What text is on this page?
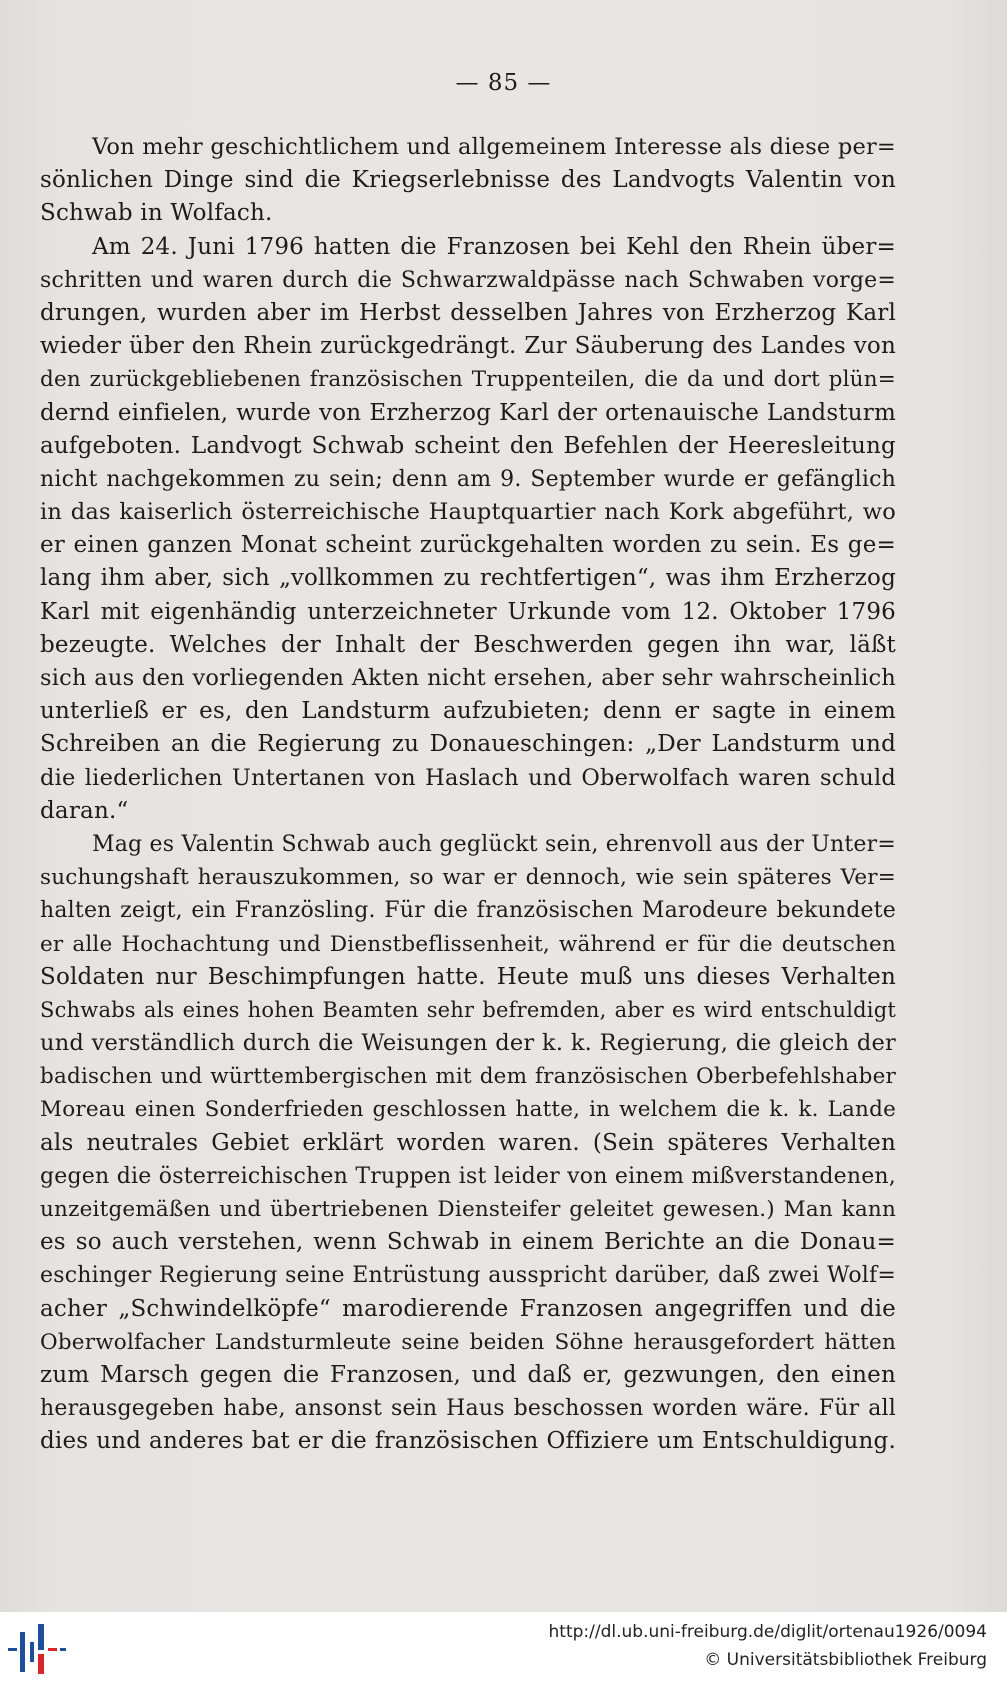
— 85 —
Von mehr geschichtlichem und allgemeinem Interesse als diese per=
sönlichen Dinge sind die Kriegserlebnisse des Landvogts Valentin von
Schwab in Wolfach.
Am 24. Juni 1796 hatten die Franzosen bei Kehl den Rhein über=
schritten und waren durch die Schwarzwaldpässe nach Schwaben vorge=
drungen, wurden aber im Herbst desselben Jahres von Erzherzog Karl
wieder über den Rhein zurückgedrängt. Zur Säuberung des Landes von
den zurückgebliebenen französischen Truppenteilen, die da und dort plün=
dernd einfielen, wurde von Erzherzog Karl der ortenauische Landsturm
aufgeboten. Landvogt Schwab scheint den Befehlen der Heeresleitung
nicht nachgekommen zu sein; denn am 9. September wurde er gefänglich
in das kaiserlich österreichische Hauptquartier nach Kork abgeführt, wo
er einen ganzen Monat scheint zurückgehalten worden zu sein. Es ge=
lang ihm aber, sich „vollkommen zu rechtfertigen“, was ihm Erzherzog
Karl mit eigenhändig unterzeichneter Urkunde vom 12. Oktober 1796
bezeugte. Welches der Inhalt der Beschwerden gegen ihn war, läßt
sich aus den vorliegenden Akten nicht ersehen, aber sehr wahrscheinlich
unterließ er es, den Landsturm aufzubieten; denn er sagte in einem
Schreiben an die Regierung zu Donaueschingen: „Der Landsturm und
die liederlichen Untertanen von Haslach und Oberwolfach waren schuld
daran.“
Mag es Valentin Schwab auch geglückt sein, ehrenvoll aus der Unter=
suchungshaft herauszukommen, so war er dennoch, wie sein späteres Ver=
halten zeigt, ein Französling. Für die französischen Marodeure bekundete
er alle Hochachtung und Dienstbeflissenheit, während er für die deutschen
Soldaten nur Beschimpfungen hatte. Heute muß uns dieses Verhalten
Schwabs als eines hohen Beamten sehr befremden, aber es wird entschuldigt
und verständlich durch die Weisungen der k. k. Regierung, die gleich der
badischen und württembergischen mit dem französischen Oberbefehlshaber
Moreau einen Sonderfrieden geschlossen hatte, in welchem die k. k. Lande
als neutrales Gebiet erklärt worden waren. (Sein späteres Verhalten
gegen die österreichischen Truppen ist leider von einem mißverstandenen,
unzeitgemäßen und übertriebenen Diensteifer geleitet gewesen.) Man kann
es so auch verstehen, wenn Schwab in einem Berichte an die Donau=
eschinger Regierung seine Entrüstung ausspricht darüber, daß zwei Wolf=
acher „Schwindelköpfe“ marodierende Franzosen angegriffen und die
Oberwolfacher Landsturmleute seine beiden Söhne herausgefordert hätten
zum Marsch gegen die Franzosen, und daß er, gezwungen, den einen
herausgegeben habe, ansonst sein Haus beschossen worden wäre. Für all
dies und anderes bat er die französischen Offiziere um Entschuldigung.
http://dl.ub.uni-freiburg.de/diglit/ortenau1926/0094
© Universitätsbibliothek Freiburg
